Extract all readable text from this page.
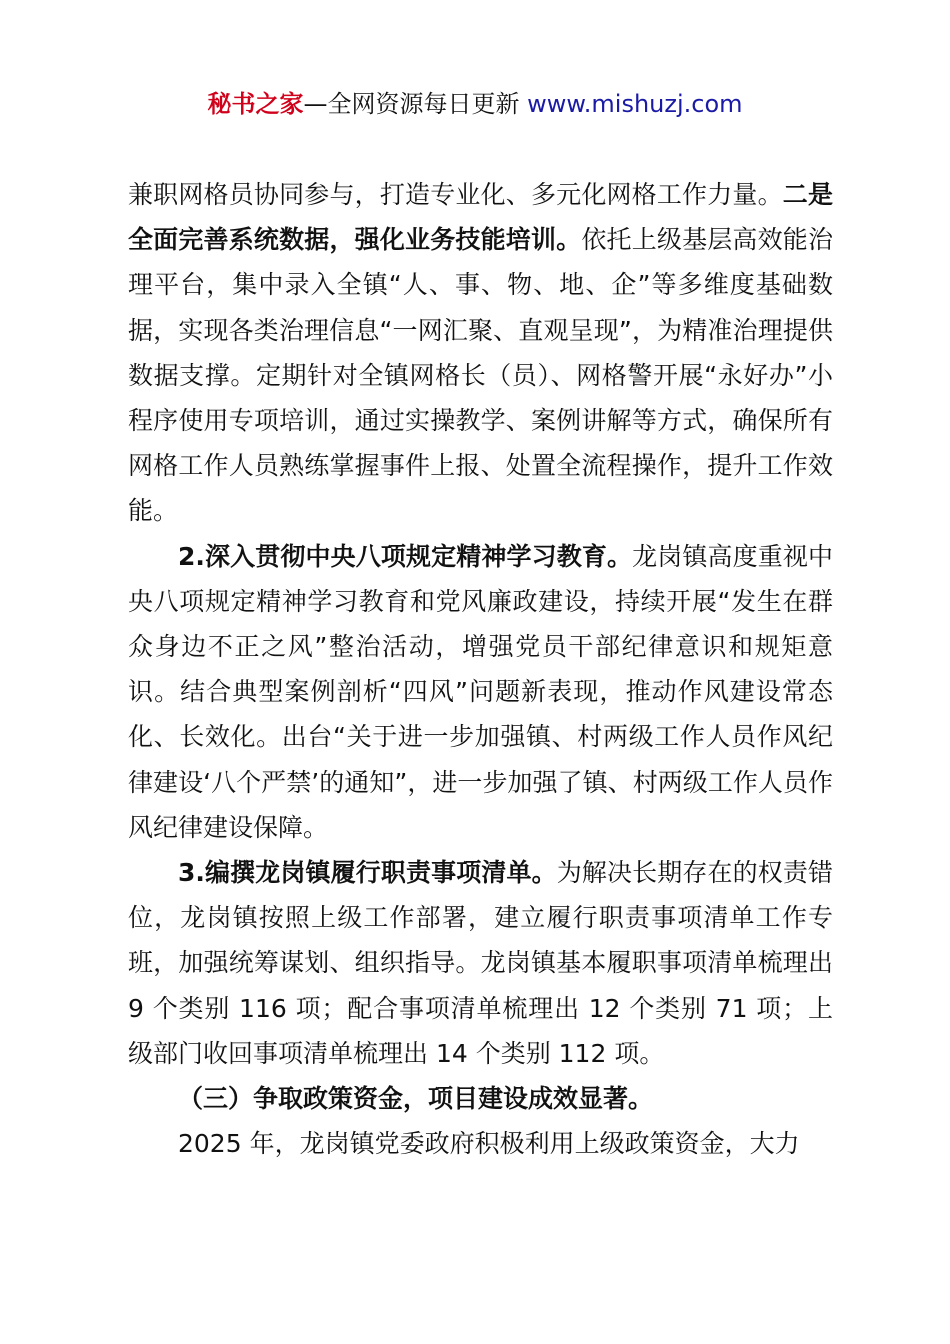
秘书之家—全网资源每日更新 www.mishuzj.com

兼职网格员协同参与，打造专业化、多元化网格工作力量。二是全面完善系统数据，强化业务技能培训。依托上级基层高效能治理平台，集中录入全镇“人、事、物、地、企”等多维度基础数据，实现各类治理信息“一网汇聚、直观呈现”，为精准治理提供数据支撑。定期针对全镇网格长（员）、网格警开展“永好办”小程序使用专项培训，通过实操教学、案例讲解等方式，确保所有网格工作人员熟练掌握事件上报、处置全流程操作，提升工作效能。

2.深入贯彻中央八项规定精神学习教育。龙岗镇高度重视中央八项规定精神学习教育和党风廉政建设，持续开展“发生在群众身边不正之风”整治活动，增强党员干部纪律意识和规矩意识。结合典型案例剖析“四风”问题新表现，推动作风建设常态化、长效化。出台“关于进一步加强镇、村两级工作人员作风纪律建设‘八个严禁’的通知”，进一步加强了镇、村两级工作人员作风纪律建设保障。

3.编撰龙岗镇履行职责事项清单。为解决长期存在的权责错位，龙岗镇按照上级工作部署，建立履行职责事项清单工作专班，加强统筹谋划、组织指导。龙岗镇基本履职事项清单梳理出 9 个类别 116 项；配合事项清单梳理出 12 个类别 71 项；上级部门收回事项清单梳理出 14 个类别 112 项。

（三）争取政策资金，项目建设成效显著。

2025 年，龙岗镇党委政府积极利用上级政策资金，大力
